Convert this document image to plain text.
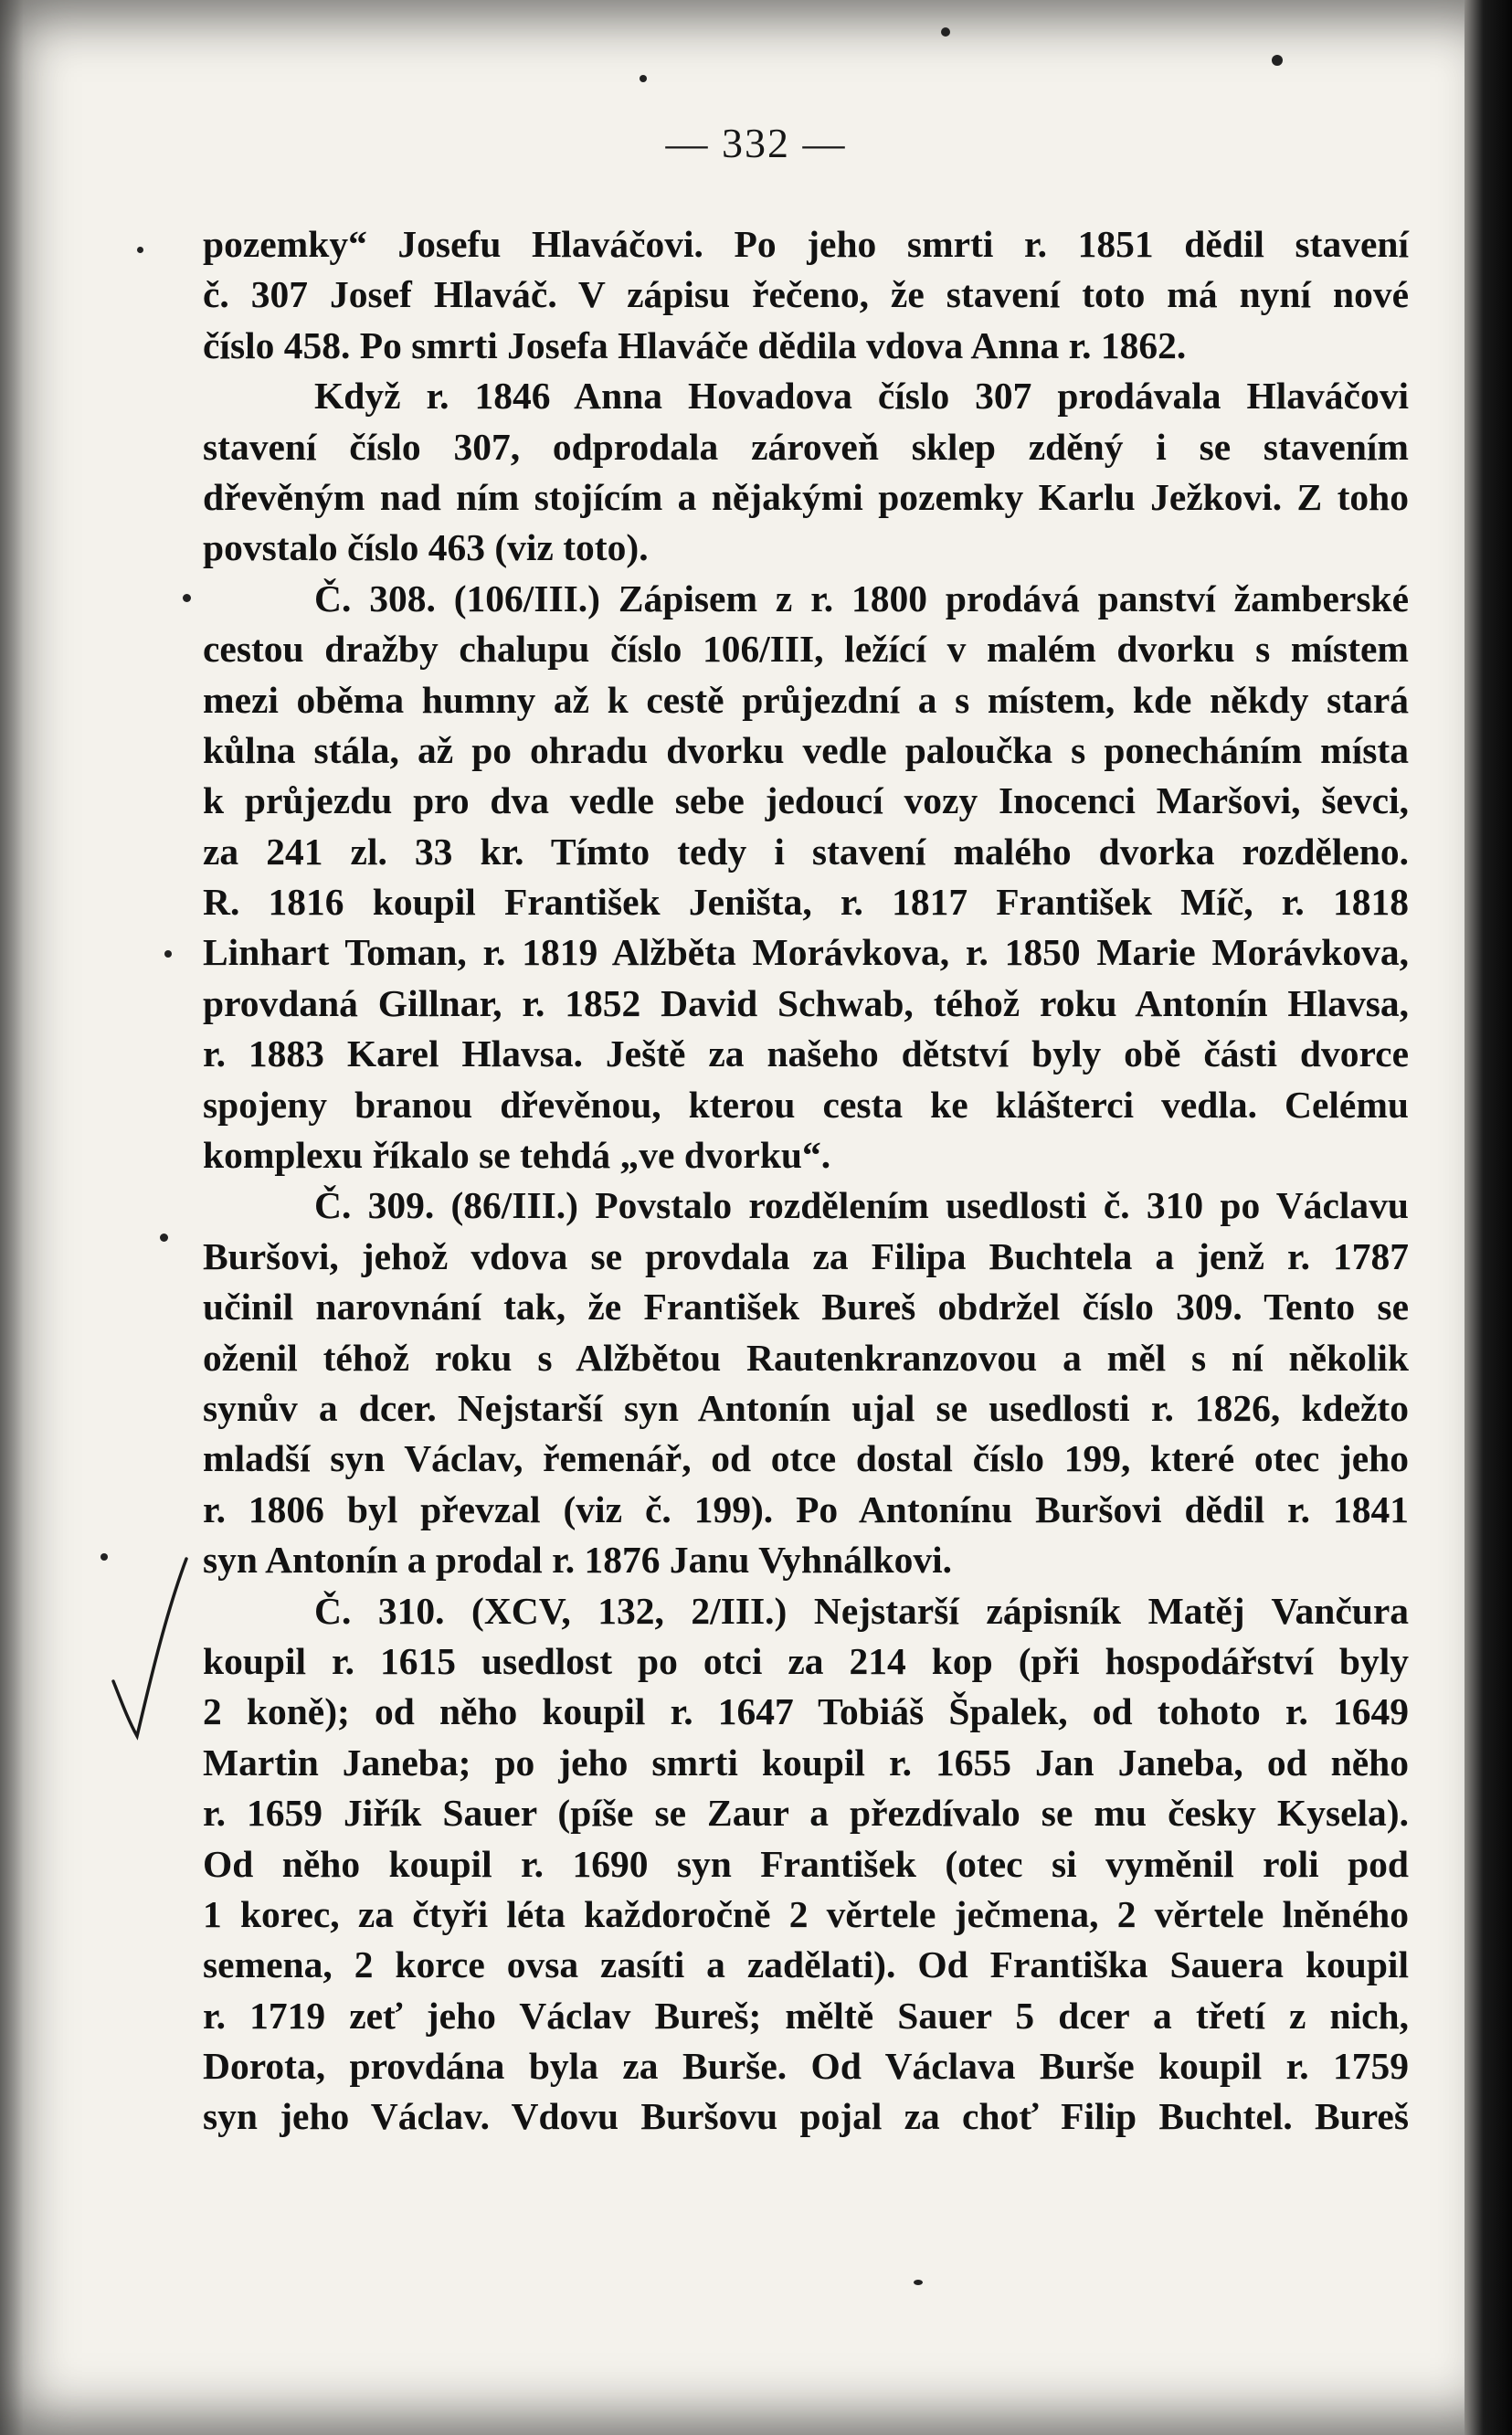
— 332 —
pozemky“ Josefu Hlaváčovi. Po jeho smrti r. 1851 dědil stavení
č. 307 Josef Hlaváč. V zápisu řečeno, že stavení toto má nyní nové
číslo 458. Po smrti Josefa Hlaváče dědila vdova Anna r. 1862.
Když r. 1846 Anna Hovadova číslo 307 prodávala Hlaváčovi
stavení číslo 307, odprodala zároveň sklep zděný i se stavením
dřevěným nad ním stojícím a nějakými pozemky Karlu Ježkovi. Z toho
povstalo číslo 463 (viz toto).
Č. 308. (106/III.) Zápisem z r. 1800 prodává panství žamberské
cestou dražby chalupu číslo 106/III, ležící v malém dvorku s místem
mezi oběma humny až k cestě průjezdní a s místem, kde někdy stará
kůlna stála, až po ohradu dvorku vedle paloučka s ponecháním místa
k průjezdu pro dva vedle sebe jedoucí vozy Inocenci Maršovi, ševci,
za 241 zl. 33 kr. Tímto tedy i stavení malého dvorka rozděleno.
R. 1816 koupil František Jeništa, r. 1817 František Míč, r. 1818
Linhart Toman, r. 1819 Alžběta Morávkova, r. 1850 Marie Morávkova,
provdaná Gillnar, r. 1852 David Schwab, téhož roku Antonín Hlavsa,
r. 1883 Karel Hlavsa. Ještě za našeho dětství byly obě části dvorce
spojeny branou dřevěnou, kterou cesta ke klášterci vedla. Celému
komplexu říkalo se tehdá „ve dvorku“.
Č. 309. (86/III.) Povstalo rozdělením usedlosti č. 310 po Václavu
Buršovi, jehož vdova se provdala za Filipa Buchtela a jenž r. 1787
učinil narovnání tak, že František Bureš obdržel číslo 309. Tento se
oženil téhož roku s Alžbětou Rautenkranzovou a měl s ní několik
synův a dcer. Nejstarší syn Antonín ujal se usedlosti r. 1826, kdežto
mladší syn Václav, řemenář, od otce dostal číslo 199, které otec jeho
r. 1806 byl převzal (viz č. 199). Po Antonínu Buršovi dědil r. 1841
syn Antonín a prodal r. 1876 Janu Vyhnálkovi.
Č. 310. (XCV, 132, 2/III.) Nejstarší zápisník Matěj Vančura
koupil r. 1615 usedlost po otci za 214 kop (při hospodářství byly
2 koně); od něho koupil r. 1647 Tobiáš Špalek, od tohoto r. 1649
Martin Janeba; po jeho smrti koupil r. 1655 Jan Janeba, od něho
r. 1659 Jiřík Sauer (píše se Zaur a přezdívalo se mu česky Kysela).
Od něho koupil r. 1690 syn František (otec si vyměnil roli pod
1 korec, za čtyři léta každoročně 2 věrtele ječmena, 2 věrtele lněného
semena, 2 korce ovsa zasíti a zadělati). Od Františka Sauera koupil
r. 1719 zeť jeho Václav Bureš; měltě Sauer 5 dcer a třetí z nich,
Dorota, provdána byla za Burše. Od Václava Burše koupil r. 1759
syn jeho Václav. Vdovu Buršovu pojal za choť Filip Buchtel. Bureš
